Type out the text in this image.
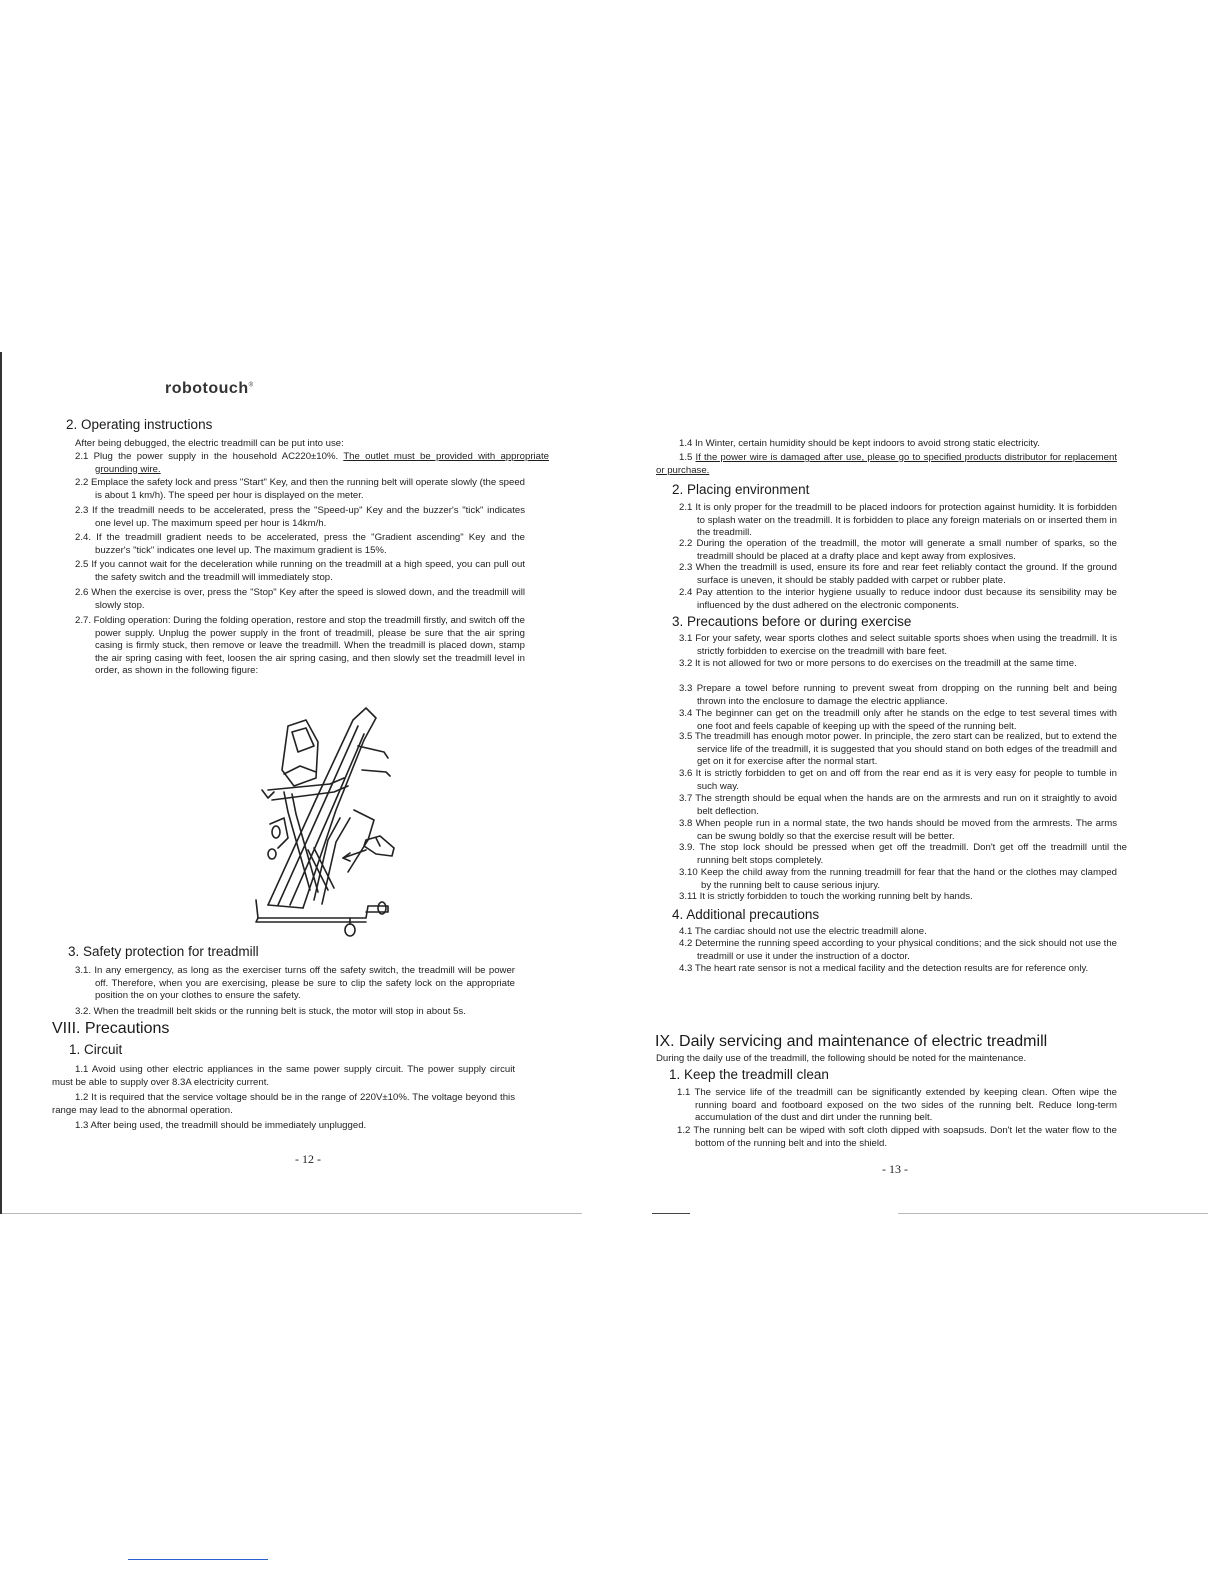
robotouch®
2. Operating instructions
After being debugged, the electric treadmill can be put into use:
2.1 Plug the power supply in the household AC220±10%. The outlet must be provided with appropriate grounding wire.
2.2 Emplace the safety lock and press "Start" Key, and then the running belt will operate slowly (the speed is about 1 km/h). The speed per hour is displayed on the meter.
2.3 If the treadmill needs to be accelerated, press the "Speed-up" Key and the buzzer's "tick" indicates one level up. The maximum speed per hour is 14km/h.
2.4. If the treadmill gradient needs to be accelerated, press the "Gradient ascending" Key and the buzzer's "tick" indicates one level up. The maximum gradient is 15%.
2.5 If you cannot wait for the deceleration while running on the treadmill at a high speed, you can pull out the safety switch and the treadmill will immediately stop.
2.6 When the exercise is over, press the "Stop" Key after the speed is slowed down, and the treadmill will slowly stop.
2.7. Folding operation: During the folding operation, restore and stop the treadmill firstly, and switch off the power supply. Unplug the power supply in the front of treadmill, please be sure that the air spring casing is firmly stuck, then remove or leave the treadmill. When the treadmill is placed down, stamp the air spring casing with feet, loosen the air spring casing, and then slowly set the treadmill level in order, as shown in the following figure:
3. Safety protection for treadmill
3.1. In any emergency, as long as the exerciser turns off the safety switch, the treadmill will be power off. Therefore, when you are exercising, please be sure to clip the safety lock on the appropriate position the on your clothes to ensure the safety.
3.2. When the treadmill belt skids or the running belt is stuck, the motor will stop in about 5s.
VIII. Precautions
1. Circuit
1.1 Avoid using other electric appliances in the same power supply circuit. The power supply circuit must be able to supply over 8.3A electricity current.
1.2 It is required that the service voltage should be in the range of 220V±10%. The voltage beyond this range may lead to the abnormal operation.
1.3 After being used, the treadmill should be immediately unplugged.
- 12 -
1.4 In Winter, certain humidity should be kept indoors to avoid strong static electricity.
1.5 If the power wire is damaged after use, please go to specified products distributor for replacement or purchase.
2. Placing environment
2.1 It is only proper for the treadmill to be placed indoors for protection against humidity. It is forbidden to splash water on the treadmill. It is forbidden to place any foreign materials on or inserted them in the treadmill.
2.2 During the operation of the treadmill, the motor will generate a small number of sparks, so the treadmill should be placed at a drafty place and kept away from explosives.
2.3 When the treadmill is used, ensure its fore and rear feet reliably contact the ground. If the ground surface is uneven, it should be stably padded with carpet or rubber plate.
2.4 Pay attention to the interior hygiene usually to reduce indoor dust because its sensibility may be influenced by the dust adhered on the electronic components.
3. Precautions before or during exercise
3.1 For your safety, wear sports clothes and select suitable sports shoes when using the treadmill. It is strictly forbidden to exercise on the treadmill with bare feet.
3.2 It is not allowed for two or more persons to do exercises on the treadmill at the same time.
3.3 Prepare a towel before running to prevent sweat from dropping on the running belt and being thrown into the enclosure to damage the electric appliance.
3.4 The beginner can get on the treadmill only after he stands on the edge to test several times with one foot and feels capable of keeping up with the speed of the running belt.
3.5 The treadmill has enough motor power. In principle, the zero start can be realized, but to extend the service life of the treadmill, it is suggested that you should stand on both edges of the treadmill and get on it for exercise after the normal start.
3.6 It is strictly forbidden to get on and off from the rear end as it is very easy for people to tumble in such way.
3.7 The strength should be equal when the hands are on the armrests and run on it straightly to avoid belt deflection.
3.8 When people run in a normal state, the two hands should be moved from the armrests. The arms can be swung boldly so that the exercise result will be better.
3.9. The stop lock should be pressed when get off the treadmill. Don't get off the treadmill until the running belt stops completely.
3.10 Keep the child away from the running treadmill for fear that the hand or the clothes may clamped by the running belt to cause serious injury.
3.11 It is strictly forbidden to touch the working running belt by hands.
4. Additional precautions
4.1 The cardiac should not use the electric treadmill alone.
4.2 Determine the running speed according to your physical conditions; and the sick should not use the treadmill or use it under the instruction of a doctor.
4.3 The heart rate sensor is not a medical facility and the detection results are for reference only.
IX. Daily servicing and maintenance of electric treadmill
During the daily use of the treadmill, the following should be noted for the maintenance.
1. Keep the treadmill clean
1.1 The service life of the treadmill can be significantly extended by keeping clean. Often wipe the running board and footboard exposed on the two sides of the running belt. Reduce long-term accumulation of the dust and dirt under the running belt.
1.2 The running belt can be wiped with soft cloth dipped with soapsuds. Don't let the water flow to the bottom of the running belt and into the shield.
- 13 -
